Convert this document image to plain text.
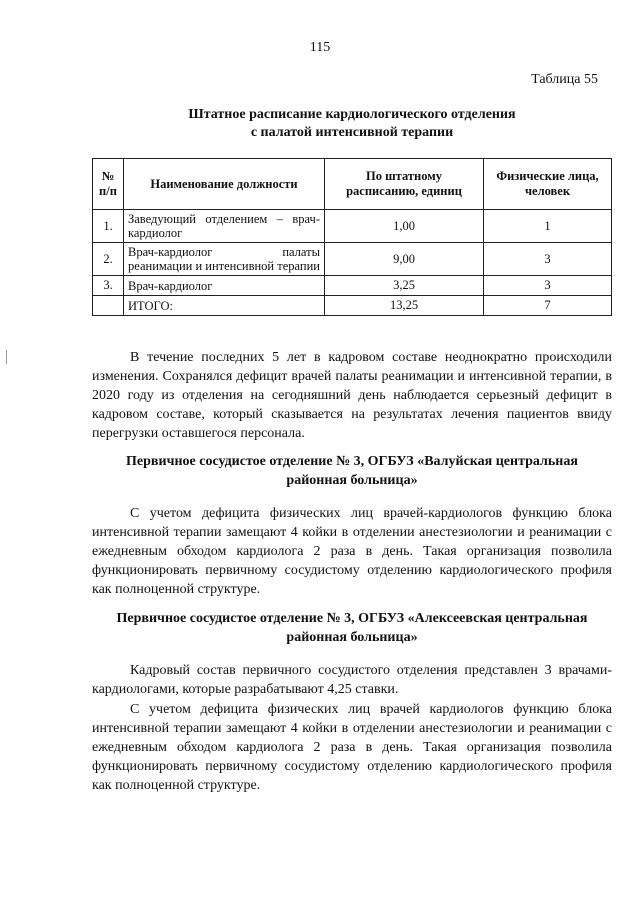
115
Таблица 55
Штатное расписание кардиологического отделения
с палатой интенсивной терапии
№ п/п	Наименование должности	По штатному расписанию, единиц	Физические лица, человек
1.	Заведующий отделением – врач-кардиолог	1,00	1
2.	Врач-кардиолог палаты реанимации и интенсивной терапии	9,00	3
3.	Врач-кардиолог	3,25	3
	ИТОГО:	13,25	7

В течение последних 5 лет в кадровом составе неоднократно происходили изменения. Сохранялся дефицит врачей палаты реанимации и интенсивной терапии, в 2020 году из отделения на сегодняшний день наблюдается серьезный дефицит в кадровом составе, который сказывается на результатах лечения пациентов ввиду перегрузки оставшегося персонала.

Первичное сосудистое отделение № 3, ОГБУЗ «Валуйская центральная
районная больница»

С учетом дефицита физических лиц врачей-кардиологов функцию блока интенсивной терапии замещают 4 койки в отделении анестезиологии и реанимации с ежедневным обходом кардиолога 2 раза в день. Такая организация позволила функционировать первичному сосудистому отделению кардиологического профиля как полноценной структуре.

Первичное сосудистое отделение № 3, ОГБУЗ «Алексеевская центральная
районная больница»

Кадровый состав первичного сосудистого отделения представлен 3 врачами-кардиологами, которые разрабатывают 4,25 ставки.

С учетом дефицита физических лиц врачей кардиологов функцию блока интенсивной терапии замещают 4 койки в отделении анестезиологии и реанимации с ежедневным обходом кардиолога 2 раза в день. Такая организация позволила функционировать первичному сосудистому отделению кардиологического профиля как полноценной структуре.
